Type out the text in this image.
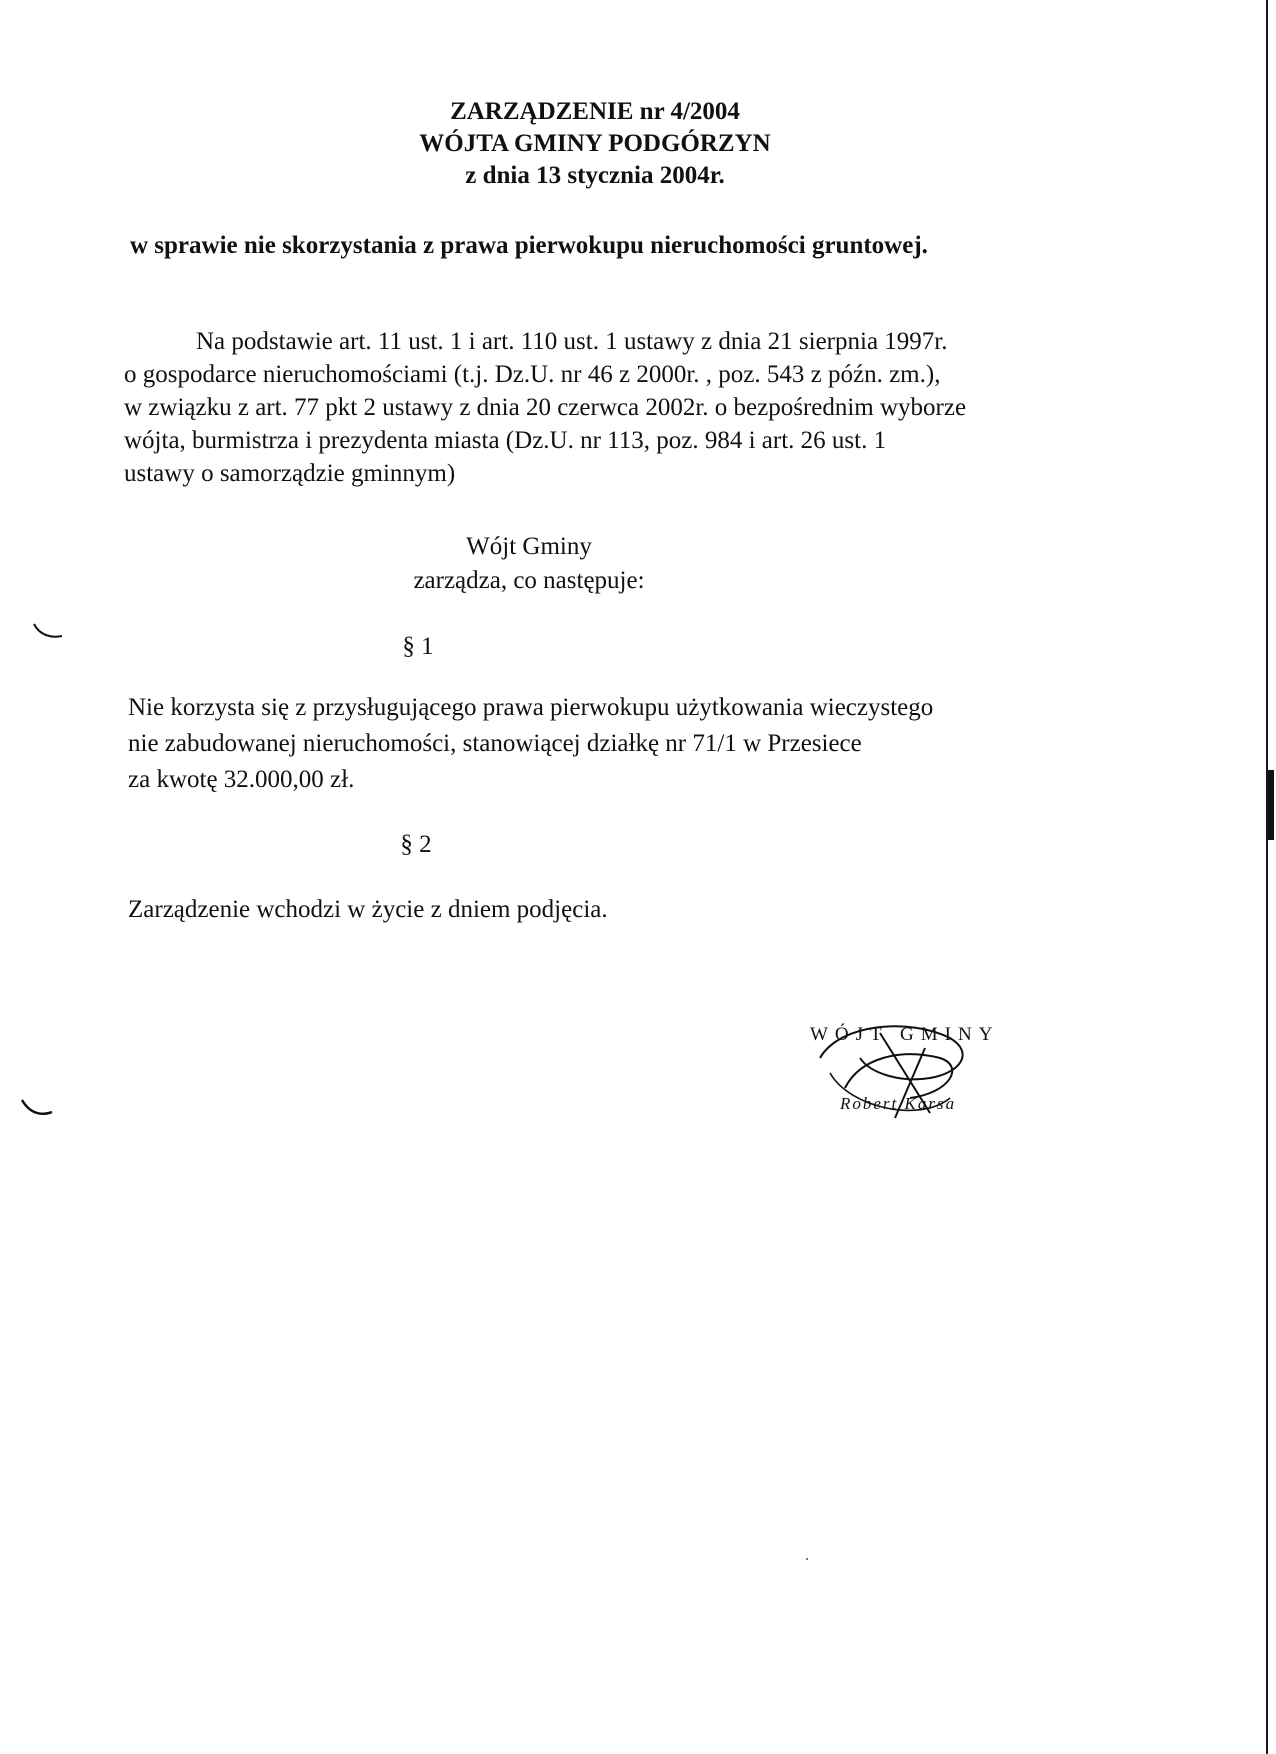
ZARZĄDZENIE nr 4/2004
WÓJTA GMINY PODGÓRZYN
z dnia 13 stycznia 2004r.
w sprawie nie skorzystania z prawa pierwokupu nieruchomości gruntowej.
Na podstawie art. 11 ust. 1 i art. 110 ust. 1 ustawy z dnia 21 sierpnia 1997r.
o gospodarce nieruchomościami (t.j. Dz.U. nr 46 z 2000r. , poz. 543 z późn. zm.),
w związku z art. 77 pkt 2 ustawy z dnia 20 czerwca 2002r. o bezpośrednim wyborze
wójta, burmistrza i prezydenta miasta (Dz.U. nr 113, poz. 984 i art. 26 ust. 1
ustawy o samorządzie gminnym)
Wójt Gminy
zarządza, co następuje:
§ 1
Nie korzysta się z przysługującego prawa pierwokupu użytkowania wieczystego
nie zabudowanej nieruchomości, stanowiącej działkę nr 71/1 w Przesiece
za kwotę 32.000,00 zł.
§ 2
Zarządzenie wchodzi w życie z dniem podjęcia.
WÓJT GMINY
Robert Karsa
